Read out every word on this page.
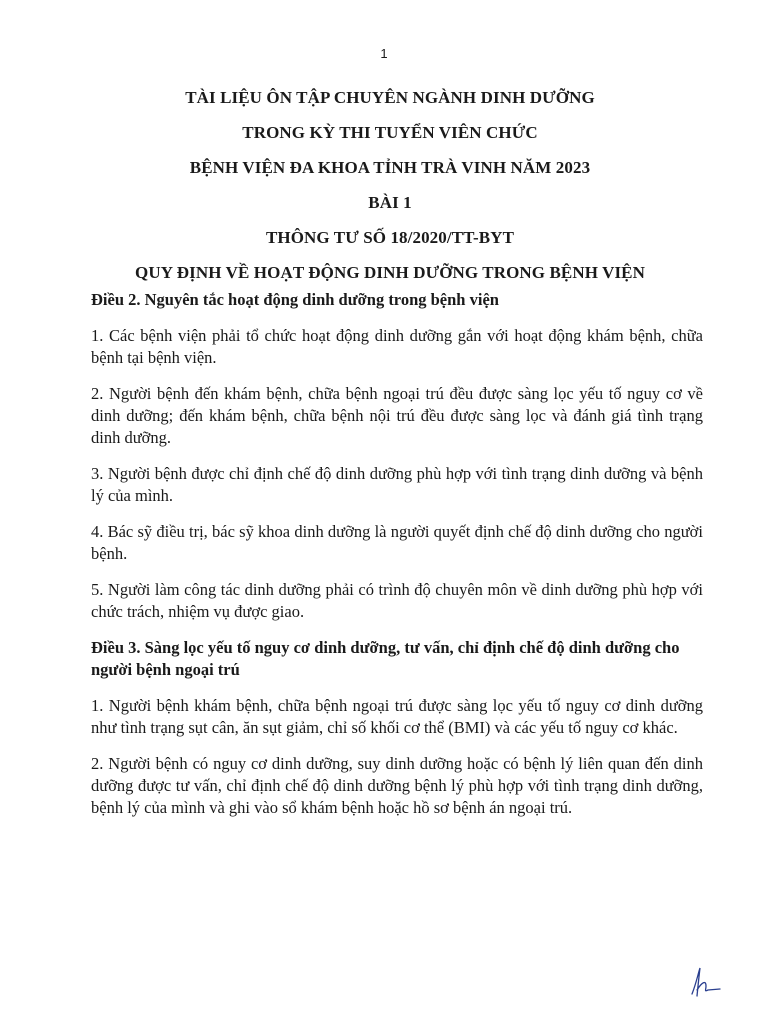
1
TÀI LIỆU ÔN TẬP CHUYÊN NGÀNH DINH DƯỠNG
TRONG KỲ THI TUYỂN VIÊN CHỨC
BỆNH VIỆN ĐA KHOA TỈNH TRÀ VINH NĂM 2023
BÀI 1
THÔNG TƯ SỐ 18/2020/TT-BYT
QUY ĐỊNH VỀ HOẠT ĐỘNG DINH DƯỠNG TRONG BỆNH VIỆN
Điều 2. Nguyên tắc hoạt động dinh dưỡng trong bệnh viện

1. Các bệnh viện phải tổ chức hoạt động dinh dưỡng gắn với hoạt động khám bệnh, chữa bệnh tại bệnh viện.

2. Người bệnh đến khám bệnh, chữa bệnh ngoại trú đều được sàng lọc yếu tố nguy cơ về dinh dưỡng; đến khám bệnh, chữa bệnh nội trú đều được sàng lọc và đánh giá tình trạng dinh dưỡng.

3. Người bệnh được chỉ định chế độ dinh dưỡng phù hợp với tình trạng dinh dưỡng và bệnh lý của mình.

4. Bác sỹ điều trị, bác sỹ khoa dinh dưỡng là người quyết định chế độ dinh dưỡng cho người bệnh.

5. Người làm công tác dinh dưỡng phải có trình độ chuyên môn về dinh dưỡng phù hợp với chức trách, nhiệm vụ được giao.

Điều 3. Sàng lọc yếu tố nguy cơ dinh dưỡng, tư vấn, chỉ định chế độ dinh dưỡng cho người bệnh ngoại trú

1. Người bệnh khám bệnh, chữa bệnh ngoại trú được sàng lọc yếu tố nguy cơ dinh dưỡng như tình trạng sụt cân, ăn sụt giảm, chỉ số khối cơ thể (BMI) và các yếu tố nguy cơ khác.

2. Người bệnh có nguy cơ dinh dưỡng, suy dinh dưỡng hoặc có bệnh lý liên quan đến dinh dưỡng được tư vấn, chỉ định chế độ dinh dưỡng bệnh lý phù hợp với tình trạng dinh dưỡng, bệnh lý của mình và ghi vào sổ khám bệnh hoặc hồ sơ bệnh án ngoại trú.
